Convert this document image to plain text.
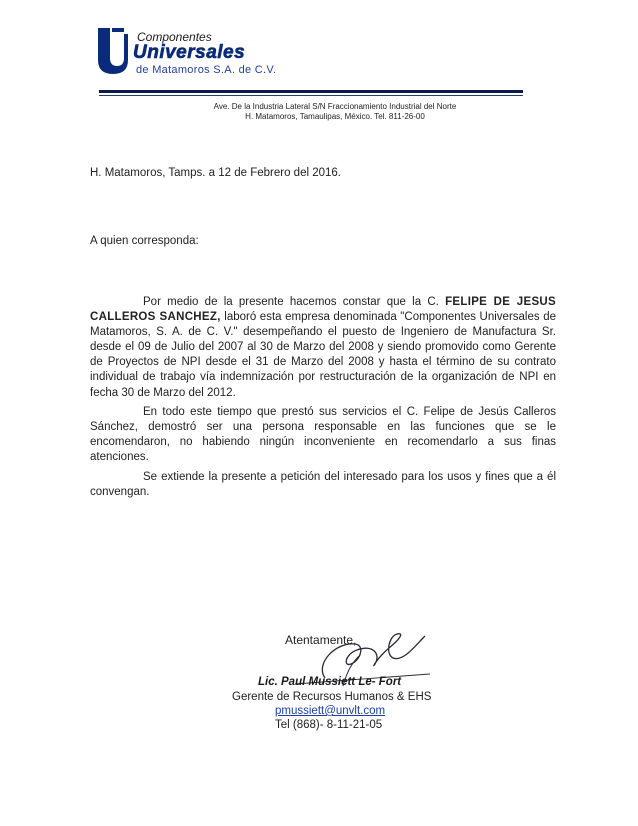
Componentes
Universales
de Matamoros S.A. de C.V.
Ave. De la Industria Lateral S/N Fraccionamiento Industrial del Norte
H. Matamoros, Tamaulipas, México. Tel. 811-26-00
H. Matamoros, Tamps. a 12 de Febrero del 2016.
A quien corresponda:

Por medio de la presente hacemos constar que la C. FELIPE DE JESUS CALLEROS SANCHEZ, laboró esta empresa denominada "Componentes Universales de Matamoros, S. A. de C. V." desempeñando el puesto de Ingeniero de Manufactura Sr. desde el 09 de Julio del 2007 al 30 de Marzo del 2008 y siendo promovido como Gerente de Proyectos de NPI desde el 31 de Marzo del 2008 y hasta el término de su contrato individual de trabajo vía indemnización por restructuración de la organización de NPI en fecha 30 de Marzo del 2012.

En todo este tiempo que prestó sus servicios el C. Felipe de Jesús Calleros Sánchez, demostró ser una persona responsable en las funciones que se le encomendaron, no habiendo ningún inconveniente en recomendarlo a sus finas atenciones.

Se extiende la presente a petición del interesado para los usos y fines que a él convengan.

Atentamente,
Lic. Paul Mussiett Le- Fort
Gerente de Recursos Humanos & EHS
pmussiett@unvlt.com
Tel (868)- 8-11-21-05
